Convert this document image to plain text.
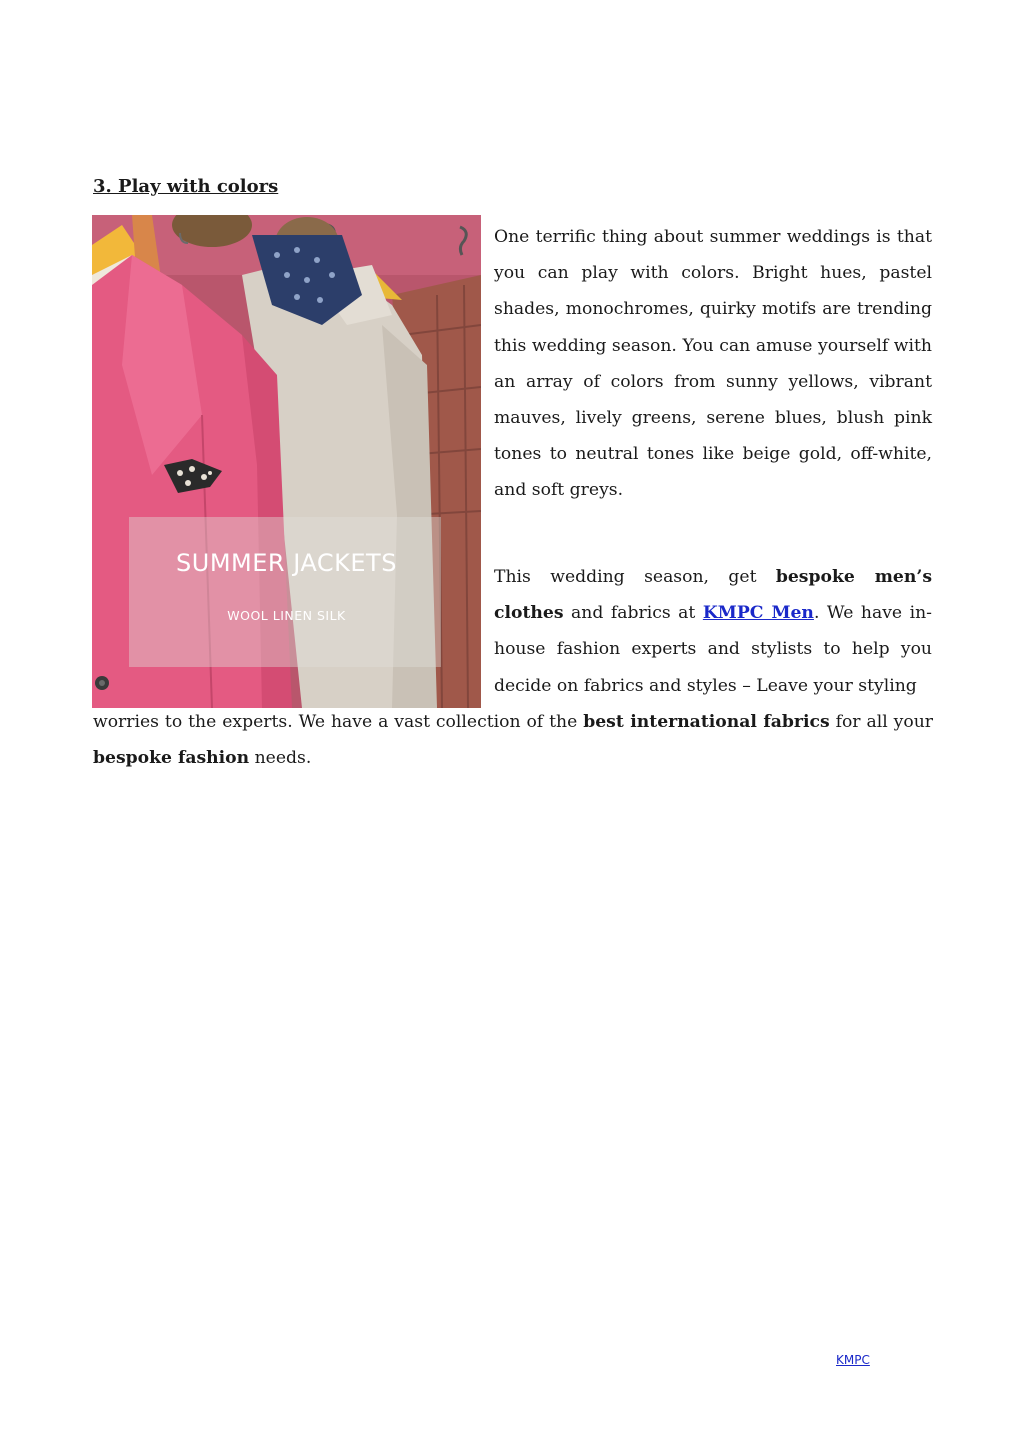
3. Play with colors
SUMMER JACKETS
WOOL LINEN SILK

One terrific thing about summer weddings is that you can play with colors. Bright hues, pastel shades, monochromes, quirky motifs are trending this wedding season. You can amuse yourself with an array of colors from sunny yellows, vibrant mauves, lively greens, serene blues, blush pink tones to neutral tones like beige gold, off-white, and soft greys.

This wedding season, get bespoke men’s clothes and fabrics at KMPC Men. We have in-house fashion experts and stylists to help you decide on fabrics and styles – Leave your styling

worries to the experts. We have a vast collection of the best international fabrics for all your bespoke fashion needs.

KMPC
